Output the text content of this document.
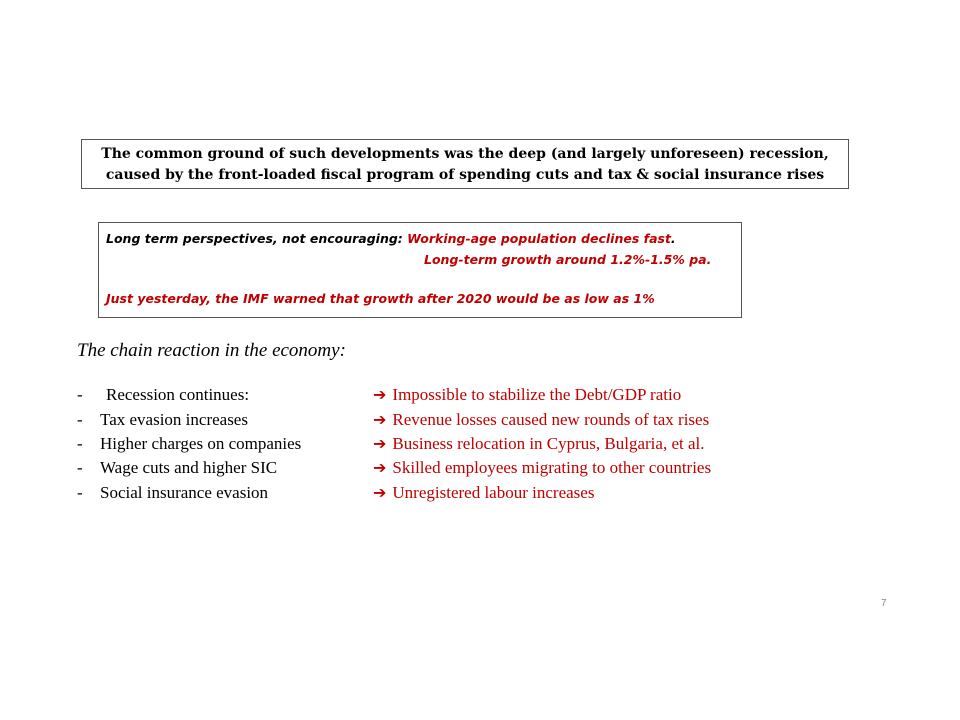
The common ground of such developments was the deep (and largely unforeseen) recession,
caused by the front-loaded fiscal program of spending cuts and tax & social insurance rises
Long term perspectives, not encouraging: Working-age population declines fast.
Long-term growth around 1.2%-1.5% pa.
Just yesterday, the IMF warned that growth after 2020 would be as low as 1%
The chain reaction in the economy:
- Recession continues:	➔ Impossible to stabilize the Debt/GDP ratio
- Tax evasion increases	➔ Revenue losses caused new rounds of tax rises
- Higher charges on companies	➔ Business relocation in Cyprus, Bulgaria, et al.
- Wage cuts and higher SIC	➔ Skilled employees migrating to other countries
- Social insurance evasion	➔ Unregistered labour increases
7
